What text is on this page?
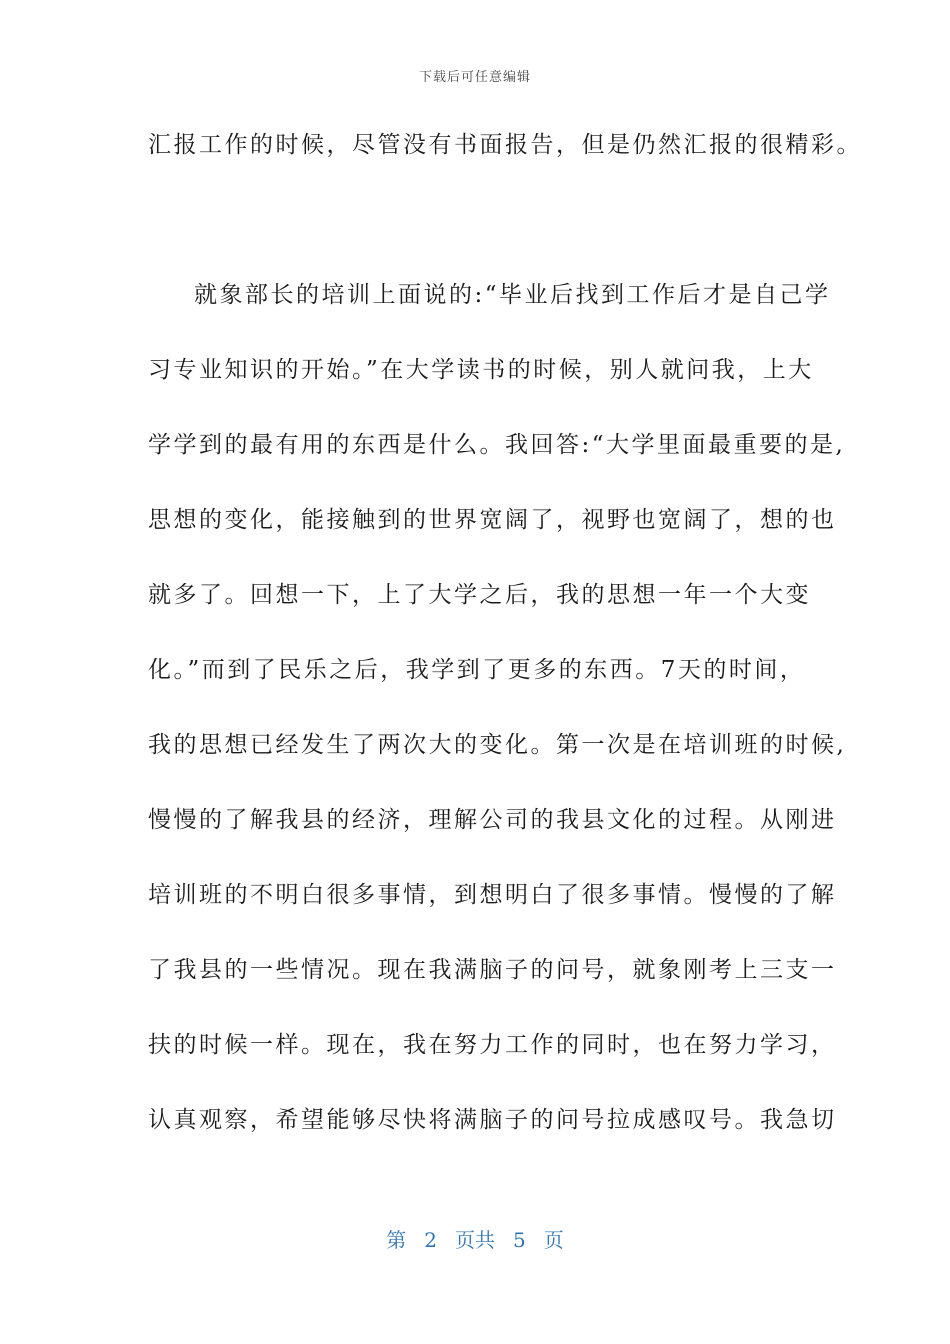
下载后可任意编辑
汇报工作的时候，尽管没有书面报告，但是仍然汇报的很精彩。
就象部长的培训上面说的:“毕业后找到工作后才是自己学
习专业知识的开始。”在大学读书的时候，别人就问我，上大
学学到的最有用的东西是什么。我回答:“大学里面最重要的是,
思想的变化，能接触到的世界宽阔了，视野也宽阔了，想的也
就多了。回想一下，上了大学之后，我的思想一年一个大变
化。”而到了民乐之后，我学到了更多的东西。7天的时间，
我的思想已经发生了两次大的变化。第一次是在培训班的时候,
慢慢的了解我县的经济，理解公司的我县文化的过程。从刚进
培训班的不明白很多事情，到想明白了很多事情。慢慢的了解
了我县的一些情况。现在我满脑子的问号，就象刚考上三支一
扶的时候一样。现在，我在努力工作的同时，也在努力学习，
认真观察，希望能够尽快将满脑子的问号拉成感叹号。我急切
第 2 页共 5 页
